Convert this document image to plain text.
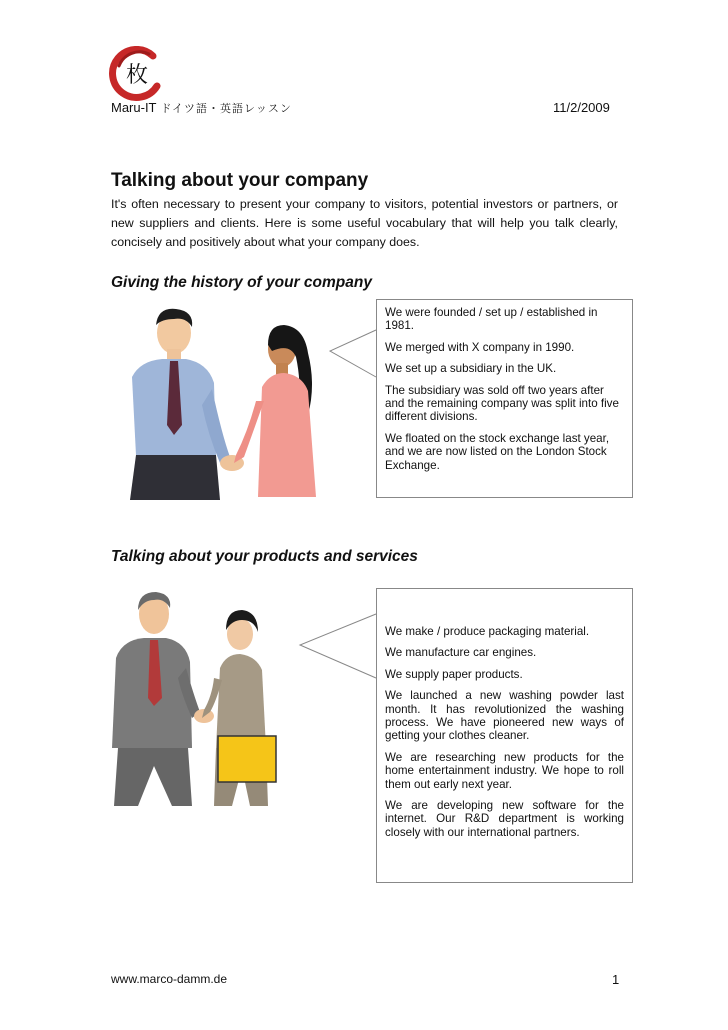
枚
Maru-IT ドイツ語・英語レッスン	11/2/2009
Talking about your company

It's often necessary to present your company to visitors, potential investors or partners, or new suppliers and clients. Here is some useful vocabulary that will help you talk clearly, concisely and positively about what your company does.

Giving the history of your company

We were founded / set up / established in 1981.

We merged with X company in 1990.

We set up a subsidiary in the UK.

The subsidiary was sold off two years after and the remaining company was split into five different divisions.

We floated on the stock exchange last year, and we are now listed on the London Stock Exchange.

Talking about your products and services

We make / produce packaging material.

We manufacture car engines.

We supply paper products.

We launched a new washing powder last month. It has revolutionized the washing process. We have pioneered new ways of getting your clothes cleaner.

We are researching new products for the home entertainment industry. We hope to roll them out early next year.

We are developing new software for the internet. Our R&D department is working closely with our international partners.

www.marco-damm.de	1
